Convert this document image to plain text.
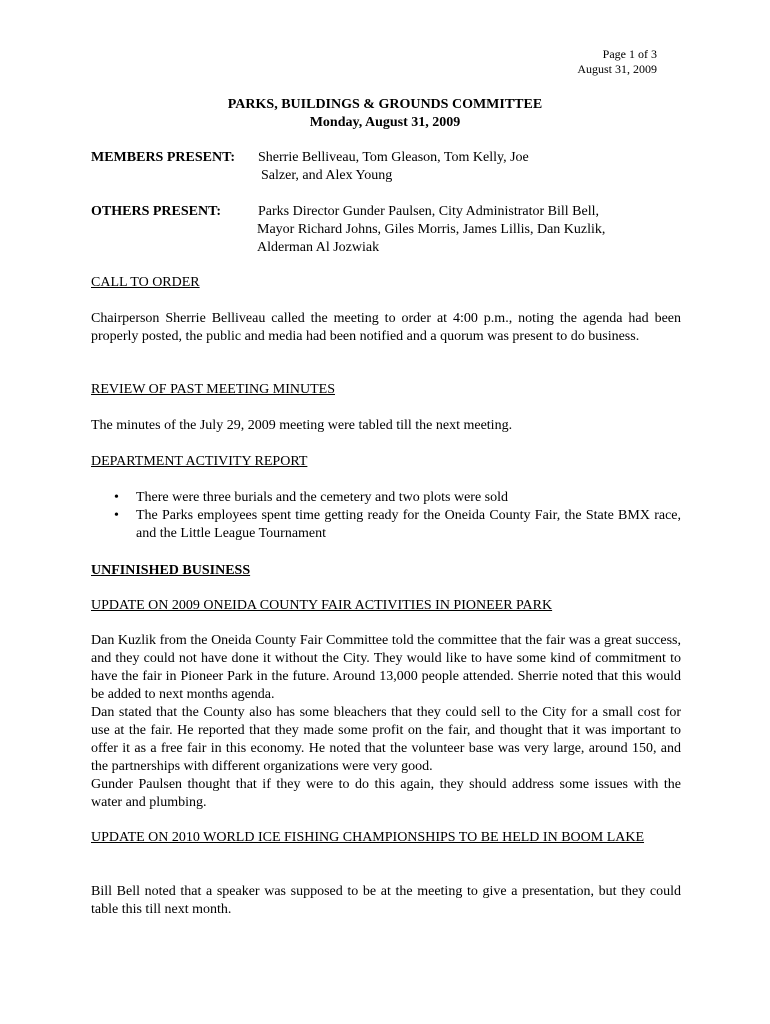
Page 1 of 3
August 31, 2009
PARKS, BUILDINGS & GROUNDS COMMITTEE
Monday, August 31, 2009
MEMBERS PRESENT: Sherrie Belliveau, Tom Gleason, Tom Kelly, Joe
Salzer, and Alex Young
OTHERS PRESENT:	Parks Director Gunder Paulsen, City Administrator Bill Bell,
Mayor Richard Johns, Giles Morris, James Lillis, Dan Kuzlik,
Alderman Al Jozwiak
CALL TO ORDER
Chairperson Sherrie Belliveau called the meeting to order at 4:00 p.m., noting the agenda had been properly posted, the public and media had been notified and a quorum was present to do business.
REVIEW OF PAST MEETING MINUTES
The minutes of the July 29, 2009 meeting were tabled till the next meeting.
DEPARTMENT ACTIVITY REPORT
• There were three burials and the cemetery and two plots were sold
• The Parks employees spent time getting ready for the Oneida County Fair, the State BMX race, and the Little League Tournament
UNFINISHED BUSINESS
UPDATE ON 2009 ONEIDA COUNTY FAIR ACTIVITIES IN PIONEER PARK

Dan Kuzlik from the Oneida County Fair Committee told the committee that the fair was a great success, and they could not have done it without the City. They would like to have some kind of commitment to have the fair in Pioneer Park in the future. Around 13,000 people attended. Sherrie noted that this would be added to next months agenda.

Dan stated that the County also has some bleachers that they could sell to the City for a small cost for use at the fair. He reported that they made some profit on the fair, and thought that it was important to offer it as a free fair in this economy. He noted that the volunteer base was very large, around 150, and the partnerships with different organizations were very good.

Gunder Paulsen thought that if they were to do this again, they should address some issues with the water and plumbing.

UPDATE ON 2010 WORLD ICE FISHING CHAMPIONSHIPS TO BE HELD IN BOOM LAKE
Bill Bell noted that a speaker was supposed to be at the meeting to give a presentation, but they could table this till next month.
